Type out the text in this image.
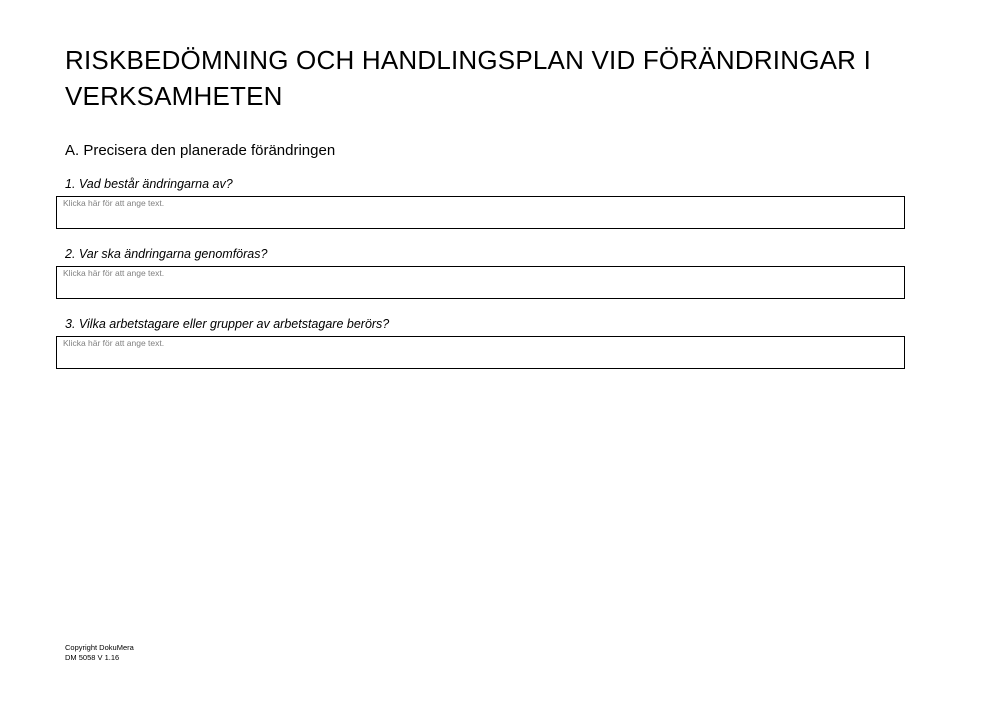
RISKBEDÖMNING OCH HANDLINGSPLAN VID FÖRÄNDRINGAR I VERKSAMHETEN
A. Precisera den planerade förändringen

1. Vad består ändringarna av?

Klicka här för att ange text.

2. Var ska ändringarna genomföras?

Klicka här för att ange text.

3. Vilka arbetstagare eller grupper av arbetstagare berörs?

Klicka här för att ange text.
Copyright DokuMera
DM 5058 V 1.16
